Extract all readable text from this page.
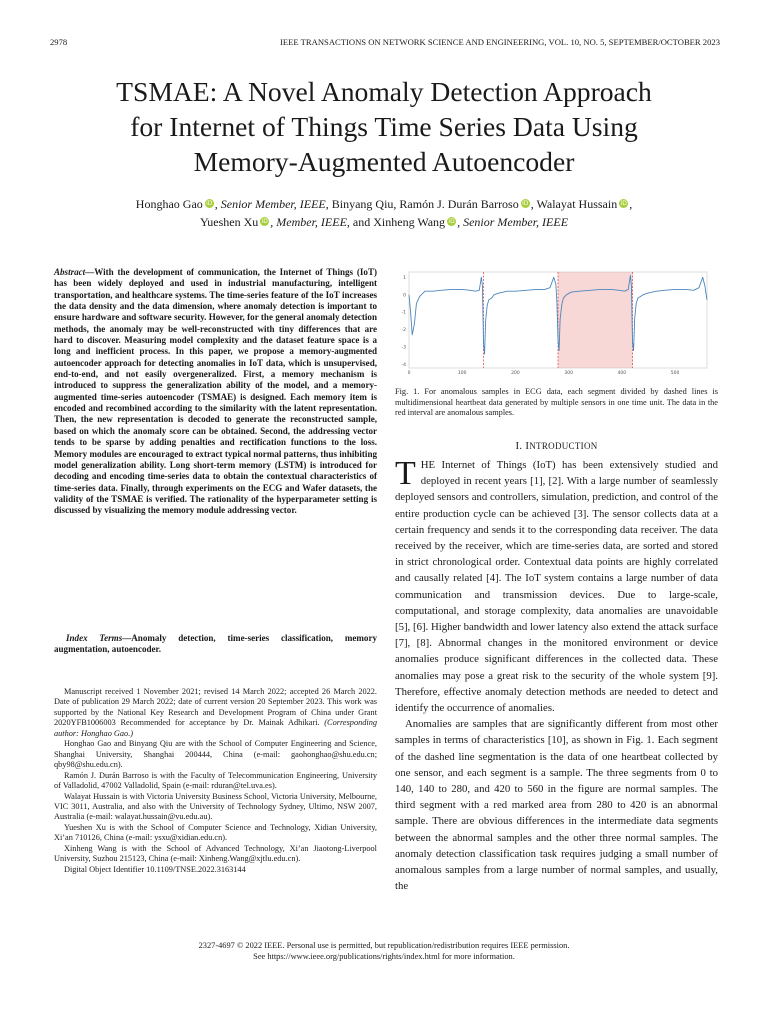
2978	IEEE TRANSACTIONS ON NETWORK SCIENCE AND ENGINEERING, VOL. 10, NO. 5, SEPTEMBER/OCTOBER 2023
TSMAE: A Novel Anomaly Detection Approach
for Internet of Things Time Series Data Using
Memory-Augmented Autoencoder
Honghao Gao iD , Senior Member, IEEE, Binyang Qiu, Ramón J. Durán Barroso iD , Walayat Hussain iD ,
Yueshen Xu iD , Member, IEEE, and Xinheng Wang iD , Senior Member, IEEE
Abstract—With the development of communication, the Internet of Things (IoT) has been widely deployed and used in industrial manufacturing, intelligent transportation, and healthcare systems. The time-series feature of the IoT increases the data density and the data dimension, where anomaly detection is important to ensure hardware and software security. However, for the general anomaly detection methods, the anomaly may be well-reconstructed with tiny differences that are hard to discover. Measuring model complexity and the dataset feature space is a long and inefficient process. In this paper, we propose a memory-augmented autoencoder approach for detecting anomalies in IoT data, which is unsupervised, end-to-end, and not easily overgeneralized. First, a memory mechanism is introduced to suppress the generalization ability of the model, and a memory-augmented time-series autoencoder (TSMAE) is designed. Each memory item is encoded and recombined according to the similarity with the latent representation. Then, the new representation is decoded to generate the reconstructed sample, based on which the anomaly score can be obtained. Second, the addressing vector tends to be sparse by adding penalties and rectification functions to the loss. Memory modules are encouraged to extract typical normal patterns, thus inhibiting model generalization ability. Long short-term memory (LSTM) is introduced for decoding and encoding time-series data to obtain the contextual characteristics of time-series data. Finally, through experiments on the ECG and Wafer datasets, the validity of the TSMAE is verified. The rationality of the hyperparameter setting is discussed by visualizing the memory module addressing vector.
Index Terms—Anomaly detection, time-series classification, memory augmentation, autoencoder.

Manuscript received 1 November 2021; revised 14 March 2022; accepted 26 March 2022. Date of publication 29 March 2022; date of current version 20 September 2023. This work was supported by the National Key Research and Development Program of China under Grant 2020YFB1006003 Recommended for acceptance by Dr. Mainak Adhikari. (Corresponding author: Honghao Gao.)

Honghao Gao and Binyang Qiu are with the School of Computer Engineering and Science, Shanghai University, Shanghai 200444, China (e-mail: gaohonghao@shu.edu.cn; qby98@shu.edu.cn).

Ramón J. Durán Barroso is with the Faculty of Telecommunication Engineering, University of Valladolid, 47002 Valladolid, Spain (e-mail: rduran@tel.uva.es).

Walayat Hussain is with Victoria University Business School, Victoria University, Melbourne, VIC 3011, Australia, and also with the University of Technology Sydney, Ultimo, NSW 2007, Australia (e-mail: walayat.hussain@vu.edu.au).

Yueshen Xu is with the School of Computer Science and Technology, Xidian University, Xi’an 710126, China (e-mail: ysxu@xidian.edu.cn).

Xinheng Wang is with the School of Advanced Technology, Xi’an Jiaotong-Liverpool University, Suzhou 215123, China (e-mail: Xinheng.Wang@xjtlu.edu.cn).

Digital Object Identifier 10.1109/TNSE.2022.3163144

1
0
-1
-2
-3
-4
0	100	200	300	400	500
Fig. 1. For anomalous samples in ECG data, each segment divided by dashed lines is multidimensional heartbeat data generated by multiple sensors in one time unit. The data in the red interval are anomalous samples.
I. INTRODUCTION

THE Internet of Things (IoT) has been extensively studied and deployed in recent years [1], [2]. With a large number of seamlessly deployed sensors and controllers, simulation, prediction, and control of the entire production cycle can be achieved [3]. The sensor collects data at a certain frequency and sends it to the corresponding data receiver. The data received by the receiver, which are time-series data, are sorted and stored in strict chronological order. Contextual data points are highly correlated and causally related [4]. The IoT system contains a large number of data communication and transmission devices. Due to large-scale, computational, and storage complexity, data anomalies are unavoidable [5], [6]. Higher bandwidth and lower latency also extend the attack surface [7], [8]. Abnormal changes in the monitored environment or device anomalies produce significant differences in the collected data. These anomalies may pose a great risk to the security of the whole system [9]. Therefore, effective anomaly detection methods are needed to detect and identify the occurrence of anomalies.

Anomalies are samples that are significantly different from most other samples in terms of characteristics [10], as shown in Fig. 1. Each segment of the dashed line segmentation is the data of one heartbeat collected by one sensor, and each segment is a sample. The three segments from 0 to 140, 140 to 280, and 420 to 560 in the figure are normal samples. The third segment with a red marked area from 280 to 420 is an abnormal sample. There are obvious differences in the intermediate data segments between the abnormal samples and the other three normal samples. The anomaly detection classification task requires judging a small number of anomalous samples from a large number of normal samples, and usually, the

2327-4697 © 2022 IEEE. Personal use is permitted, but republication/redistribution requires IEEE permission.
See https://www.ieee.org/publications/rights/index.html for more information.
